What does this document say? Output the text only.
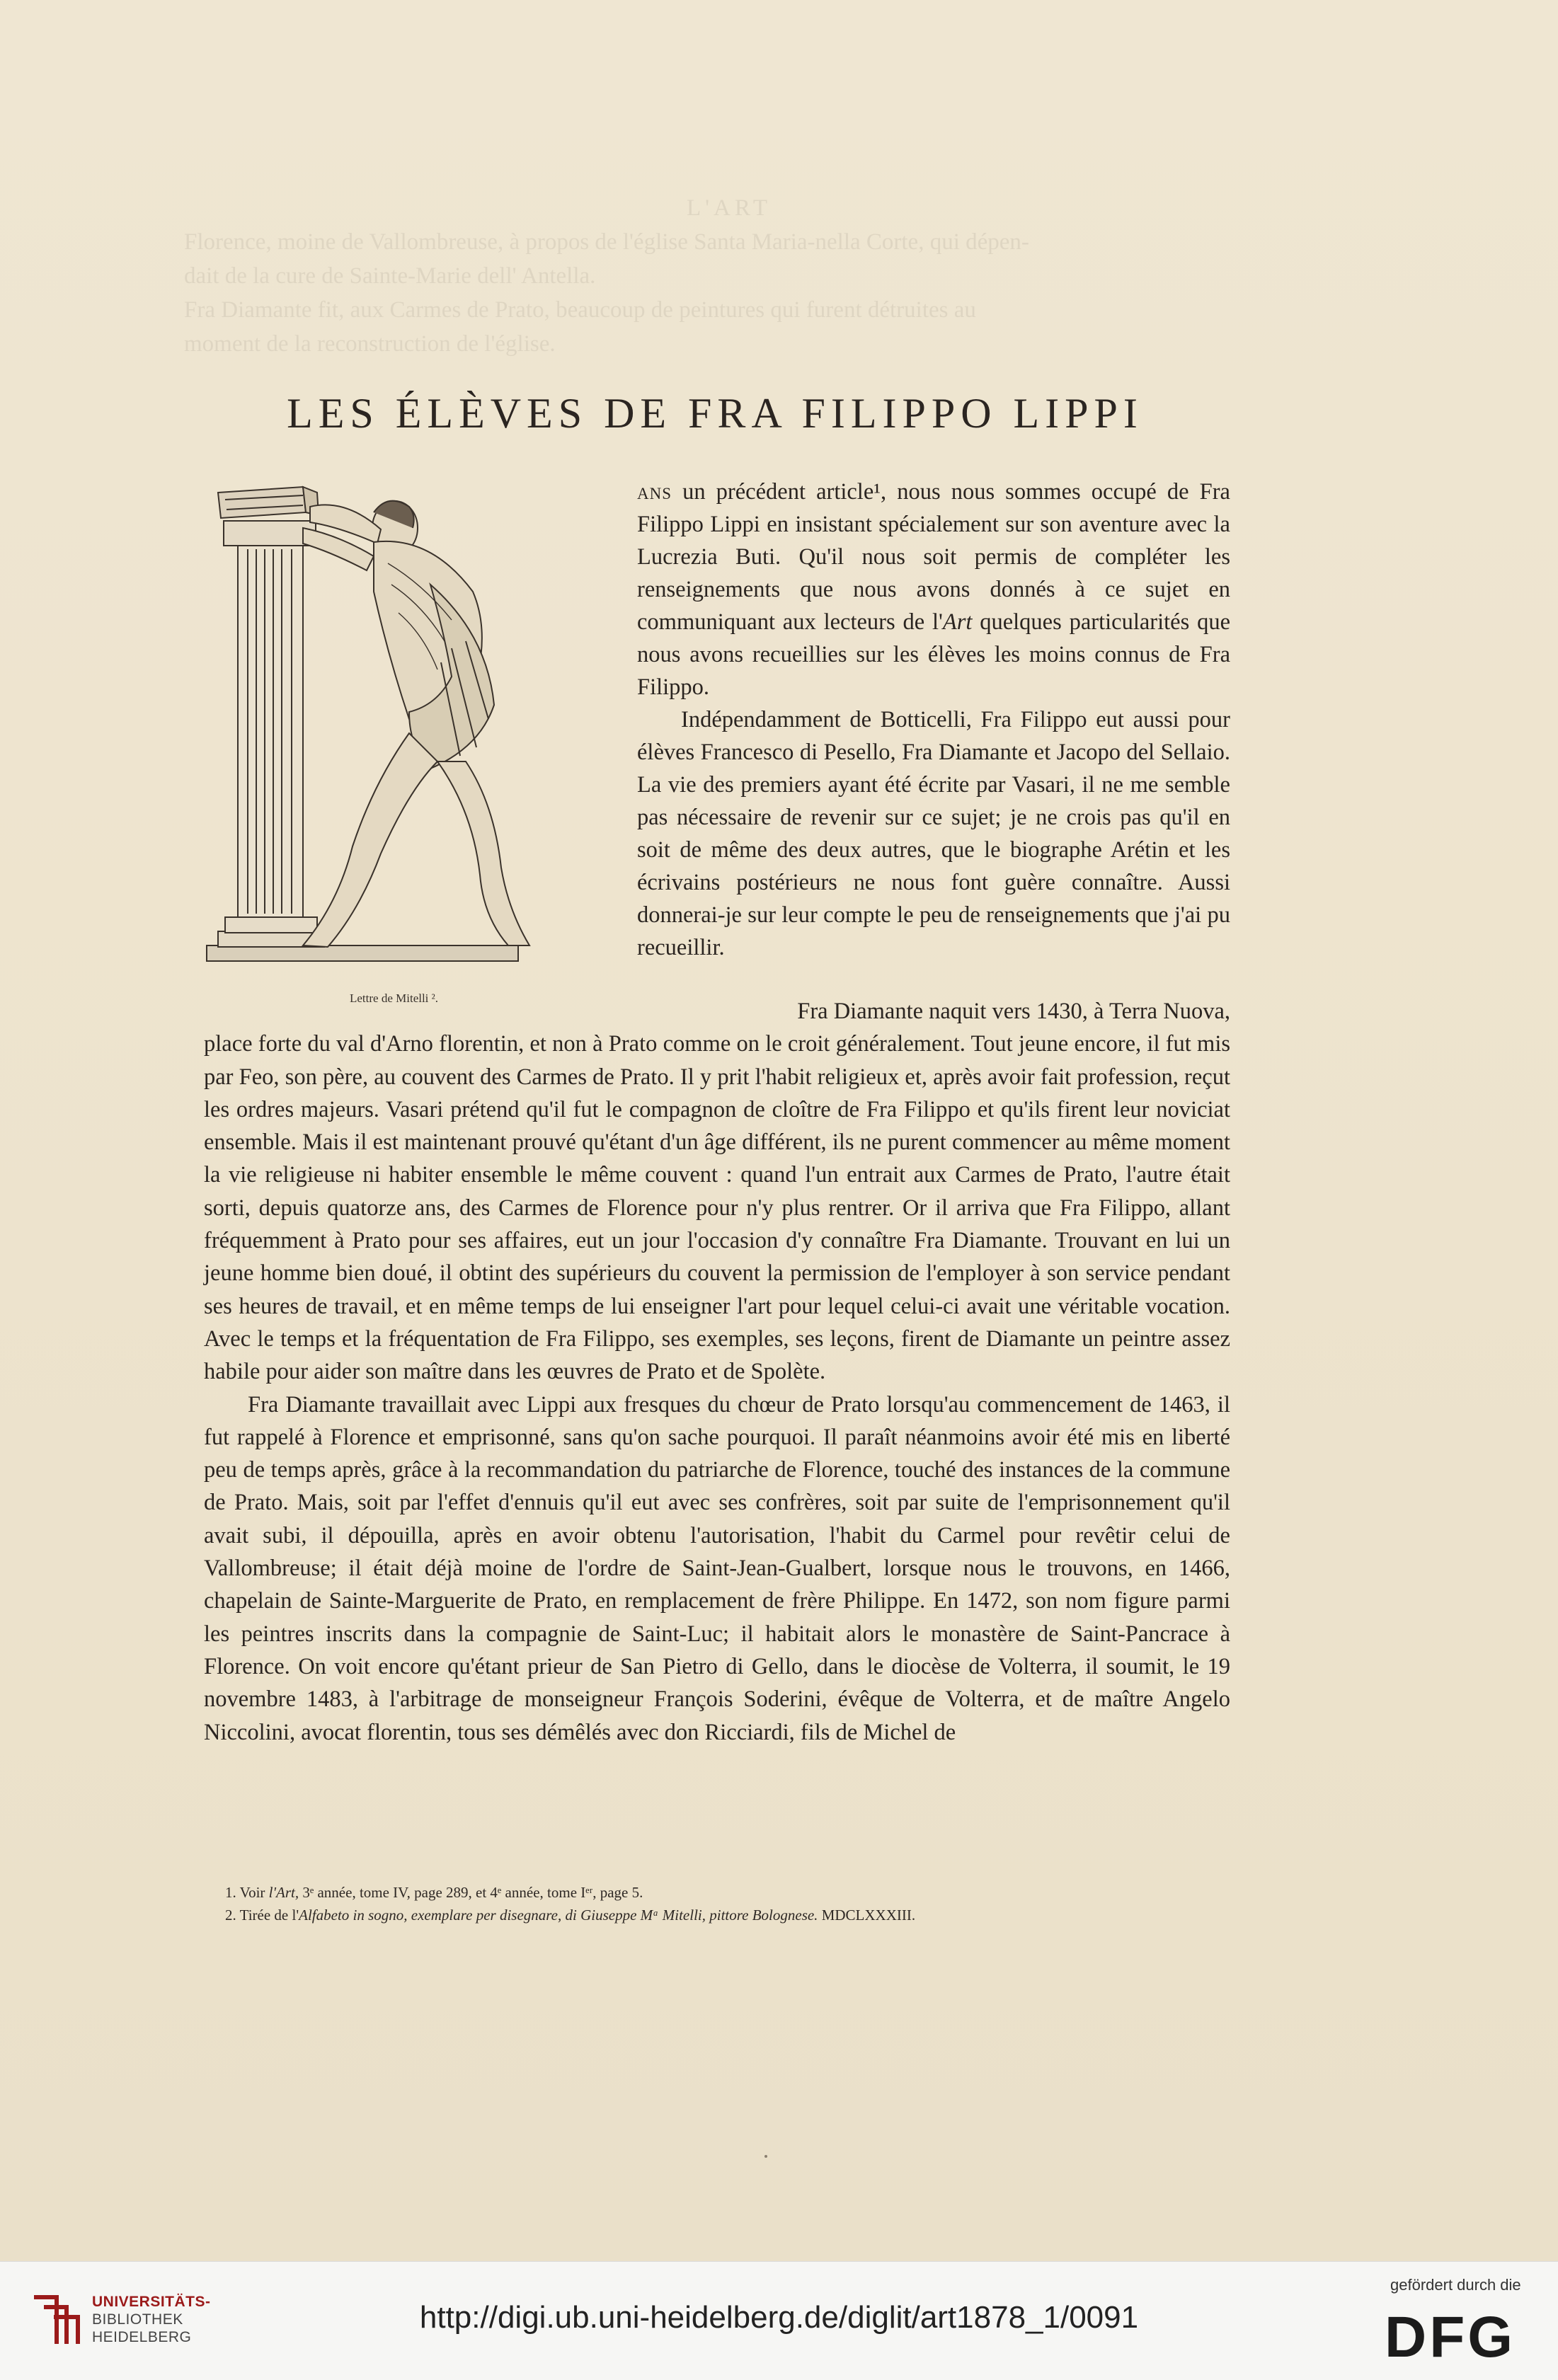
L'ART
Florence, moine de Vallombreuse, à propos de l'église Santa Maria-nella Corte, qui dépen-
dait de la cure de Sainte-Marie dell' Antella.
Fra Diamante fit, aux Carmes de Prato, beaucoup de peintures qui furent détruites au
moment de la reconstruction de l'église.
LES ÉLÈVES DE FRA FILIPPO LIPPI
Lettre de Mitelli ².

ans un précédent article¹, nous nous sommes occupé de Fra Filippo Lippi en insistant spécialement sur son aventure avec la Lucrezia Buti. Qu'il nous soit permis de compléter les renseignements que nous avons donnés à ce sujet en communiquant aux lecteurs de l'Art quelques particularités que nous avons recueillies sur les élèves les moins connus de Fra Filippo.

Indépendamment de Botticelli, Fra Filippo eut aussi pour élèves Francesco di Pesello, Fra Diamante et Jacopo del Sellaio. La vie des premiers ayant été écrite par Vasari, il ne me semble pas nécessaire de revenir sur ce sujet; je ne crois pas qu'il en soit de même des deux autres, que le biographe Arétin et les écrivains postérieurs ne nous font guère connaître. Aussi donnerai-je sur leur compte le peu de renseignements que j'ai pu recueillir.

Fra Diamante naquit vers 1430, à Terra Nuova,
place forte du val d'Arno florentin, et non à Prato comme on le croit généralement. Tout jeune encore, il fut mis par Feo, son père, au couvent des Carmes de Prato. Il y prit l'habit religieux et, après avoir fait profession, reçut les ordres majeurs. Vasari prétend qu'il fut le compagnon de cloître de Fra Filippo et qu'ils firent leur noviciat ensemble. Mais il est maintenant prouvé qu'étant d'un âge différent, ils ne purent commencer au même moment la vie religieuse ni habiter ensemble le même couvent : quand l'un entrait aux Carmes de Prato, l'autre était sorti, depuis quatorze ans, des Carmes de Florence pour n'y plus rentrer. Or il arriva que Fra Filippo, allant fréquemment à Prato pour ses affaires, eut un jour l'occasion d'y connaître Fra Diamante. Trouvant en lui un jeune homme bien doué, il obtint des supérieurs du couvent la permission de l'employer à son service pendant ses heures de travail, et en même temps de lui enseigner l'art pour lequel celui-ci avait une véritable vocation. Avec le temps et la fréquentation de Fra Filippo, ses exemples, ses leçons, firent de Diamante un peintre assez habile pour aider son maître dans les œuvres de Prato et de Spolète.

Fra Diamante travaillait avec Lippi aux fresques du chœur de Prato lorsqu'au commencement de 1463, il fut rappelé à Florence et emprisonné, sans qu'on sache pourquoi. Il paraît néanmoins avoir été mis en liberté peu de temps après, grâce à la recommandation du patriarche de Florence, touché des instances de la commune de Prato. Mais, soit par l'effet d'ennuis qu'il eut avec ses confrères, soit par suite de l'emprisonnement qu'il avait subi, il dépouilla, après en avoir obtenu l'autorisation, l'habit du Carmel pour revêtir celui de Vallombreuse; il était déjà moine de l'ordre de Saint-Jean-Gualbert, lorsque nous le trouvons, en 1466, chapelain de Sainte-Marguerite de Prato, en remplacement de frère Philippe. En 1472, son nom figure parmi les peintres inscrits dans la compagnie de Saint-Luc; il habitait alors le monastère de Saint-Pancrace à Florence. On voit encore qu'étant prieur de San Pietro di Gello, dans le diocèse de Volterra, il soumit, le 19 novembre 1483, à l'arbitrage de monseigneur François Soderini, évêque de Volterra, et de maître Angelo Niccolini, avocat florentin, tous ses démêlés avec don Ricciardi, fils de Michel de

1. Voir l'Art, 3ᵉ année, tome IV, page 289, et 4ᵉ année, tome Iᵉʳ, page 5.
2. Tirée de l'Alfabeto in sogno, exemplare per disegnare, di Giuseppe Mᵃ Mitelli, pittore Bolognese. MDCLXXXIII.
UNIVERSITÄTS-
BIBLIOTHEK
HEIDELBERG
http://digi.ub.uni-heidelberg.de/diglit/art1878_1/0091
gefördert durch die
DFG
